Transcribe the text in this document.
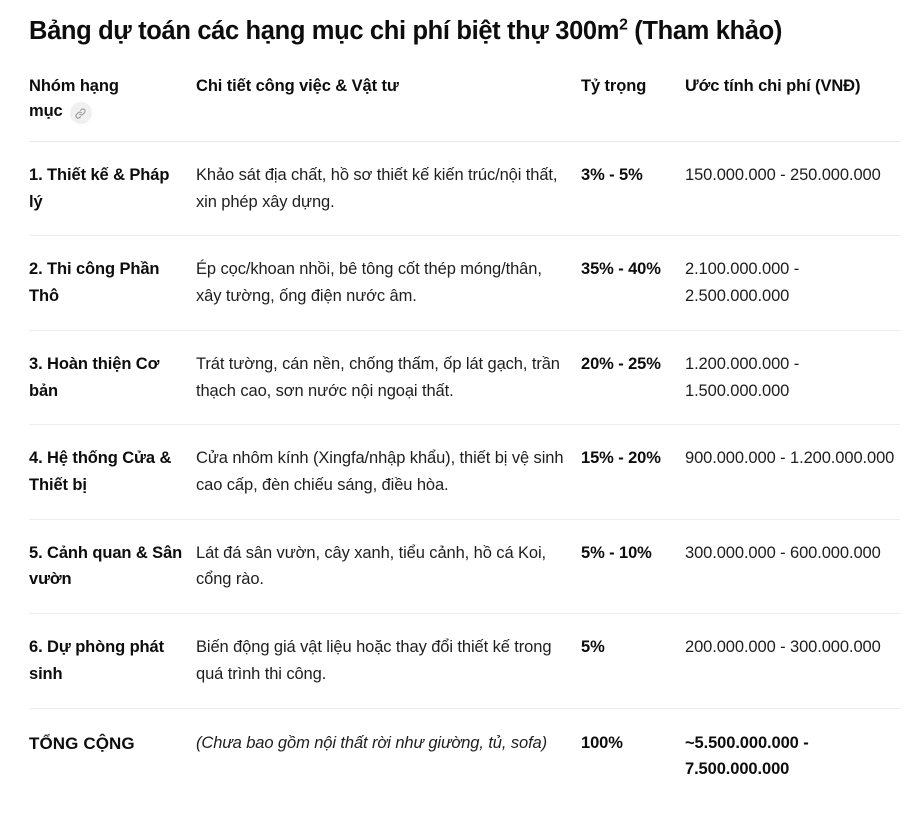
Bảng dự toán các hạng mục chi phí biệt thự $300m^2$ (Tham khảo)
Nhóm hạng
mục	Chi tiết công việc & Vật tư	Tỷ trọng	Ước tính chi phí (VNĐ)
1. Thiết kế & Pháp lý	Khảo sát địa chất, hồ sơ thiết kế kiến trúc/nội thất, xin phép xây dựng.	3% - 5%	150.000.000 - 250.000.000
2. Thi công Phần Thô	Ép cọc/khoan nhồi, bê tông cốt thép móng/thân, xây tường, ống điện nước âm.	35% - 40%	2.100.000.000 - 2.500.000.000
3. Hoàn thiện Cơ bản	Trát tường, cán nền, chống thấm, ốp lát gạch, trần thạch cao, sơn nước nội ngoại thất.	20% - 25%	1.200.000.000 - 1.500.000.000
4. Hệ thống Cửa & Thiết bị	Cửa nhôm kính (Xingfa/nhập khẩu), thiết bị vệ sinh cao cấp, đèn chiếu sáng, điều hòa.	15% - 20%	900.000.000 - 1.200.000.000
5. Cảnh quan & Sân vườn	Lát đá sân vườn, cây xanh, tiểu cảnh, hồ cá Koi, cổng rào.	5% - 10%	300.000.000 - 600.000.000
6. Dự phòng phát sinh	Biến động giá vật liệu hoặc thay đổi thiết kế trong quá trình thi công.	5%	200.000.000 - 300.000.000
TỔNG CỘNG	(Chưa bao gồm nội thất rời như giường, tủ, sofa)	100%	~5.500.000.000 - 7.500.000.000
